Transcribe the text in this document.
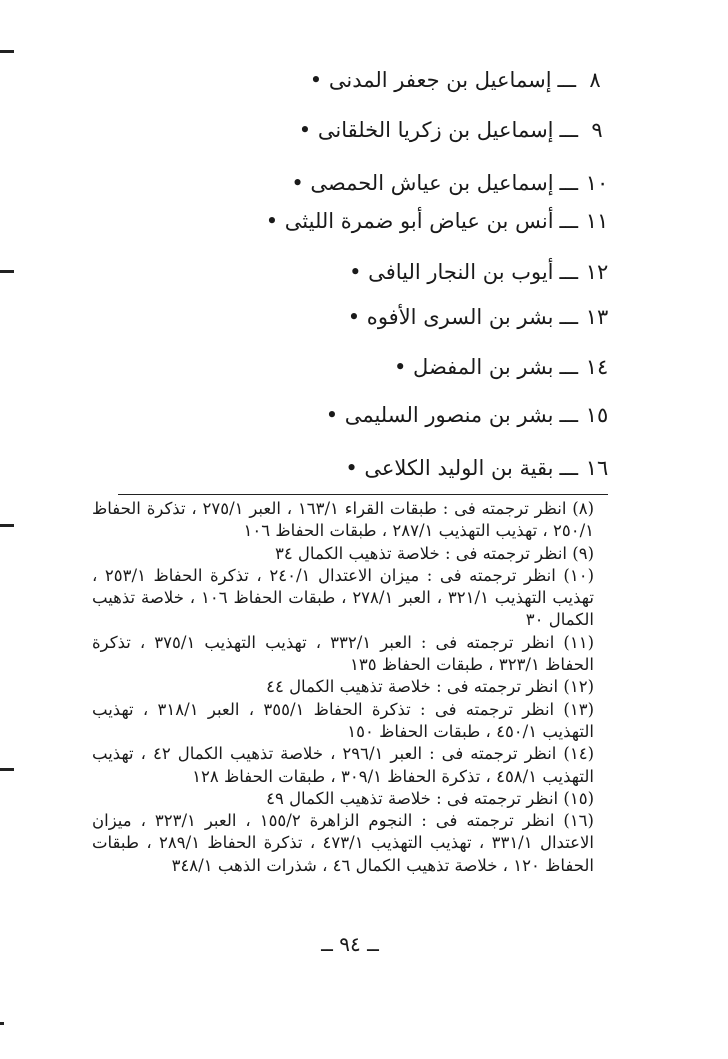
٨ـــإسماعيل بن جعفر المدنى •
٩ـــإسماعيل بن زكريا الخلقانى •
١٠ـــإسماعيل بن عياش الحمصى •
١١ـــأنس بن عياض أبو ضمرة الليثى •
١٢ـــأيوب بن النجار اليافى •
١٣ـــبشر بن السرى الأفوه •
١٤ـــبشر بن المفضل •
١٥ـــبشر بن منصور السليمى •
١٦ـــبقية بن الوليد الكلاعى •

(٨) انظر ترجمته فى : طبقات القراء ١٦٣/١ ، العبر ٢٧٥/١ ، تذكرة الحفاظ ٢٥٠/١ ، تهذيب التهذيب ٢٨٧/١ ، طبقات الحفاظ ١٠٦

(٩) انظر ترجمته فى : خلاصة تذهيب الكمال ٣٤

(١٠) انظر ترجمته فى : ميزان الاعتدال ٢٤٠/١ ، تذكرة الحفاظ ٢٥٣/١ ، تهذيب التهذيب ٣٢١/١ ، العبر ٢٧٨/١ ، طبقات الحفاظ ١٠٦ ، خلاصة تذهيب الكمال ٣٠

(١١) انظر ترجمته فى : العبر ٣٣٢/١ ، تهذيب التهذيب ٣٧٥/١ ، تذكرة الحفاظ ٣٢٣/١ ، طبقات الحفاظ ١٣٥

(١٢) انظر ترجمته فى : خلاصة تذهيب الكمال ٤٤

(١٣) انظر ترجمته فى : تذكرة الحفاظ ٣٥٥/١ ، العبر ٣١٨/١ ، تهذيب التهذيب ٤٥٠/١ ، طبقات الحفاظ ١٥٠

(١٤) انظر ترجمته فى : العبر ٢٩٦/١ ، خلاصة تذهيب الكمال ٤٢ ، تهذيب التهذيب ٤٥٨/١ ، تذكرة الحفاظ ٣٠٩/١ ، طبقات الحفاظ ١٢٨

(١٥) انظر ترجمته فى : خلاصة تذهيب الكمال ٤٩

(١٦) انظر ترجمته فى : النجوم الزاهرة ١٥٥/٢ ، العبر ٣٢٣/١ ، ميزان الاعتدال ٣٣١/١ ، تهذيب التهذيب ٤٧٣/١ ، تذكرة الحفاظ ٢٨٩/١ ، طبقات الحفاظ ١٢٠ ، خلاصة تذهيب الكمال ٤٦ ، شذرات الذهب ٣٤٨/١

ــ ٩٤ ــ
